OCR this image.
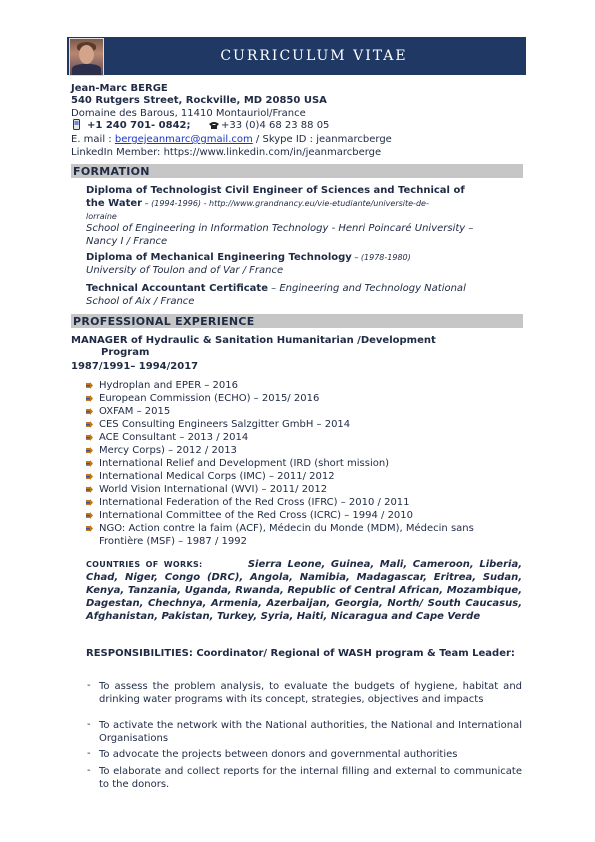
CURRICULUM VITAE
Jean-Marc BERGE
540 Rutgers Street, Rockville, MD 20850 USA
Domaine des Barous, 11410 Montauriol/France
+1 240 701- 0842;	+33 (0)4 68 23 88 05
E. mail : bergejeanmarc@gmail.com / Skype ID : jeanmarcberge
LinkedIn Member: https://www.linkedin.com/in/jeanmarcberge
FORMATION
Diploma of Technologist Civil Engineer of Sciences and Technical of
the Water – (1994-1996) - http://www.grandnancy.eu/vie-etudiante/universite-de-
lorraine
School of Engineering in Information Technology - Henri Poincaré University –
Nancy I / France
Diploma of Mechanical Engineering Technology – (1978-1980)
University of Toulon and of Var / France
Technical Accountant Certificate – Engineering and Technology National
School of Aix / France
PROFESSIONAL EXPERIENCE
MANAGER of Hydraulic & Sanitation Humanitarian /Development
Program
1987/1991– 1994/2017
Hydroplan and EPER – 2016
European Commission (ECHO) – 2015/ 2016
OXFAM – 2015
CES Consulting Engineers Salzgitter GmbH – 2014
ACE Consultant – 2013 / 2014
Mercy Corps) – 2012 / 2013
International Relief and Development (IRD (short mission)
International Medical Corps (IMC) – 2011/ 2012
World Vision International (WVI) – 2011/ 2012
International Federation of the Red Cross (IFRC) – 2010 / 2011
International Committee of the Red Cross (ICRC) – 1994 / 2010
NGO: Action contre la faim (ACF), Médecin du Monde (MDM), Médecin sans
Frontière (MSF) – 1987 / 1992
COUNTRIES OF WORKS:	Sierra Leone, Guinea, Mali, Cameroon, Liberia, Chad, Niger, Congo (DRC), Angola, Namibia, Madagascar, Eritrea, Sudan, Kenya, Tanzania, Uganda, Rwanda, Republic of Central African, Mozambique, Dagestan, Chechnya, Armenia, Azerbaijan, Georgia, North/ South Caucasus, Afghanistan, Pakistan, Turkey, Syria, Haiti, Nicaragua and Cape Verde
RESPONSIBILITIES: Coordinator/ Regional of WASH program & Team Leader:
- To assess the problem analysis, to evaluate the budgets of hygiene, habitat and drinking water programs with its concept, strategies, objectives and impacts
- To activate the network with the National authorities, the National and International Organisations
- To advocate the projects between donors and governmental authorities
- To elaborate and collect reports for the internal filling and external to communicate to the donors.
